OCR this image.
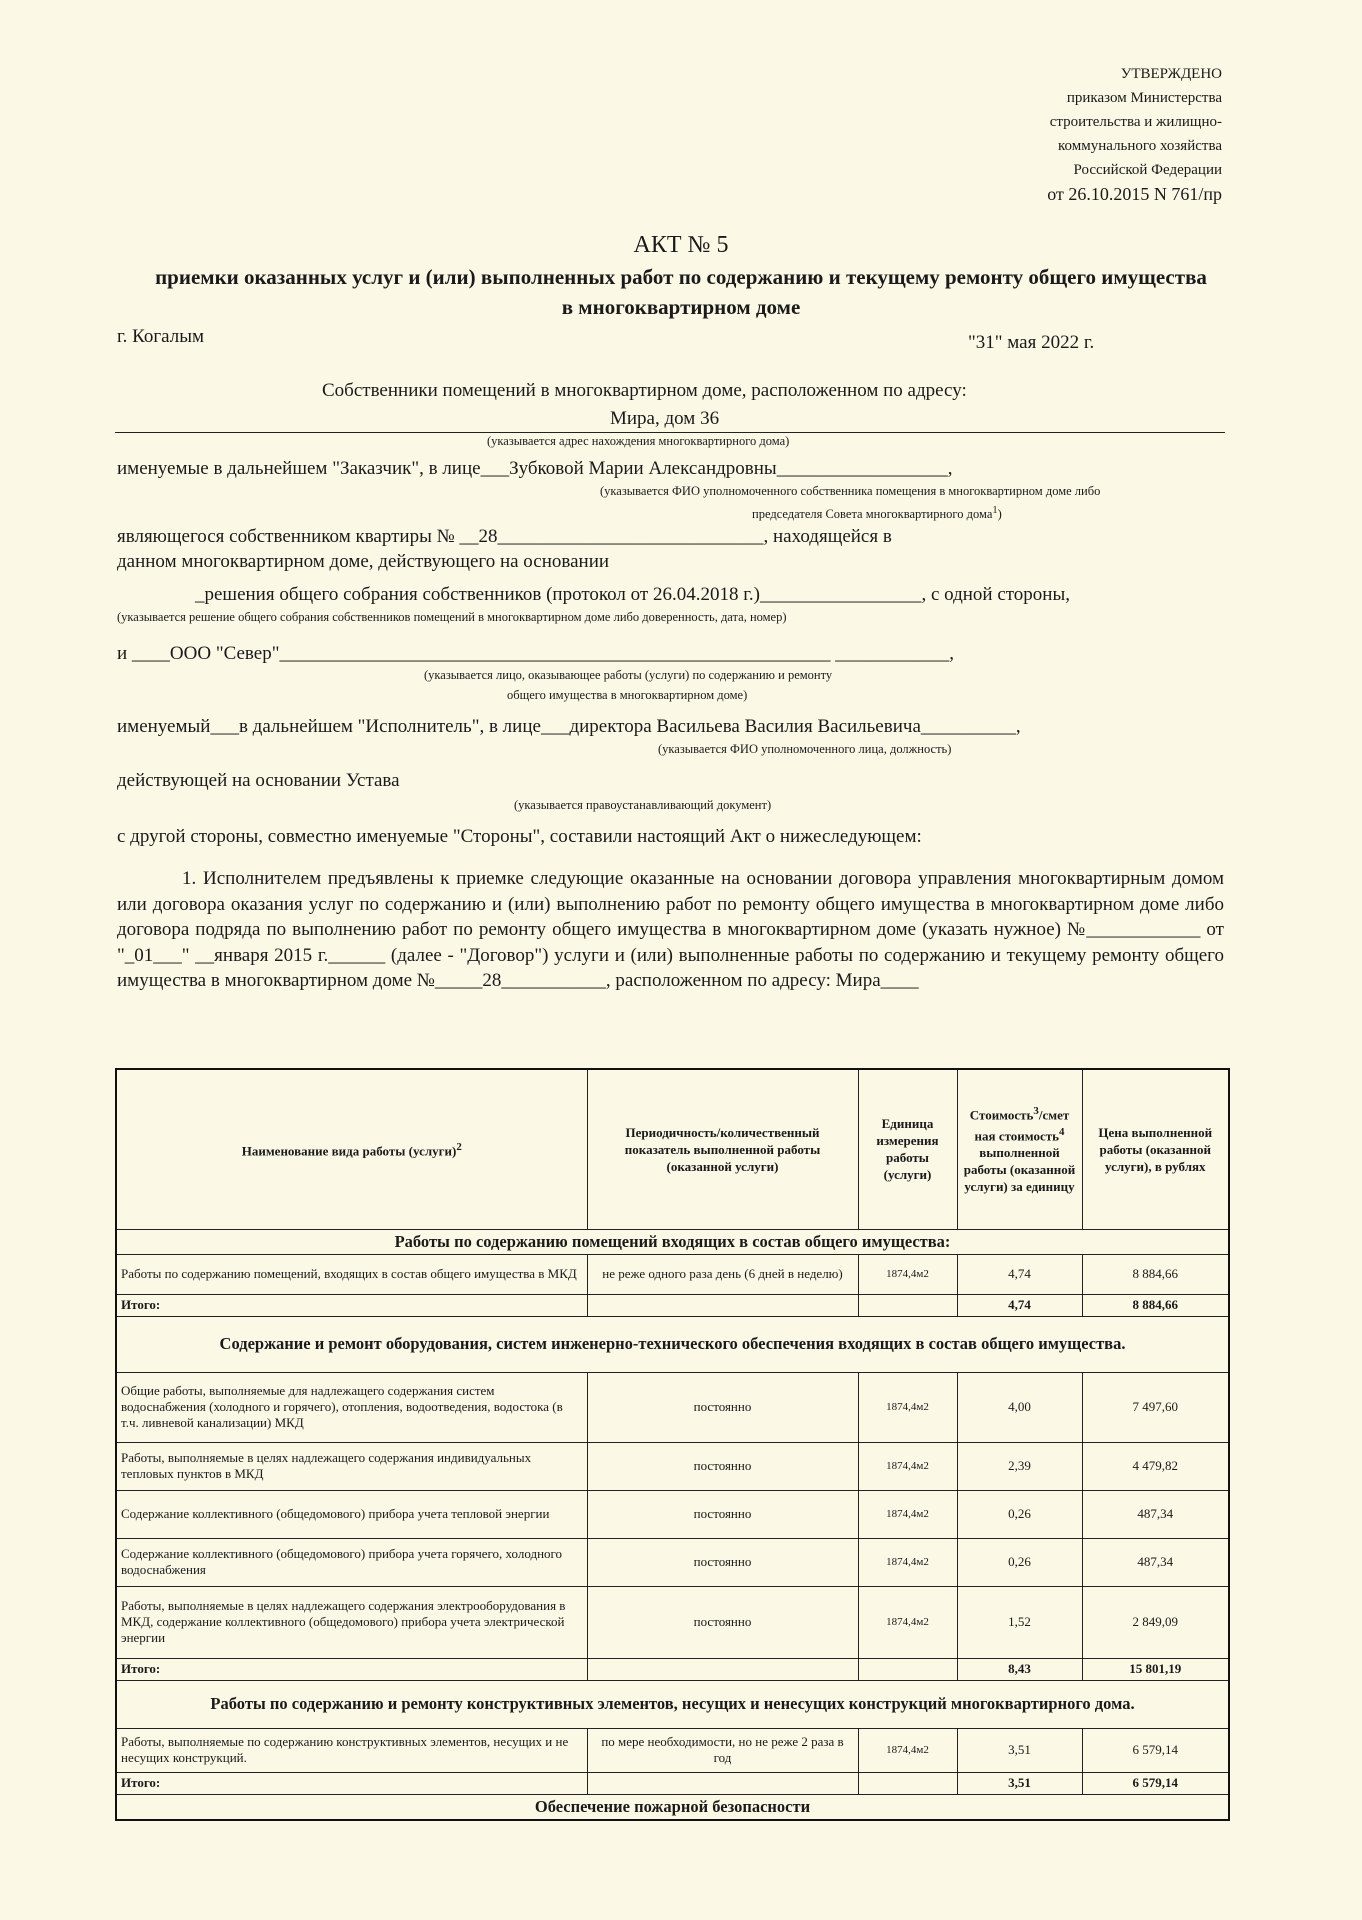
УТВЕРЖДЕНО
приказом Министерства
строительства и жилищно-
коммунального хозяйства
Российской Федерации
от 26.10.2015 N 761/пр
АКТ № 5
приемки оказанных услуг и (или) выполненных работ по содержанию и текущему ремонту общего имущества
в многоквартирном доме
г. Когалым	"31" мая 2022 г.
Собственники помещений в многоквартирном доме, расположенном по адресу:
Мира, дом 36
(указывается адрес нахождения многоквартирного дома)
именуемые в дальнейшем "Заказчик", в лице___Зубковой Марии Александровны__________________,
(указывается ФИО уполномоченного собственника помещения в многоквартирном доме либо
председателя Совета многоквартирного дома$^1$)
являющегося собственником квартиры № __28____________________________, находящейся в
данном многоквартирном доме, действующего на основании
_решения общего собрания собственников (протокол от 26.04.2018 г.)_________________, с одной стороны,
(указывается решение общего собрания собственников помещений в многоквартирном доме либо доверенность, дата, номер)
и ____ООО "Север"__________________________________________________________ ____________,
(указывается лицо, оказывающее работы (услуги) по содержанию и ремонту
общего имущества в многоквартирном доме)
именуемый___в дальнейшем "Исполнитель", в лице___директора Васильева Василия Васильевича__________,
(указывается ФИО уполномоченного лица, должность)
действующей на основании Устава
(указывается правоустанавливающий документ)
с другой стороны, совместно именуемые "Стороны", составили настоящий Акт о нижеследующем:
1. Исполнителем предъявлены к приемке следующие оказанные на основании договора управления многоквартирным домом или договора оказания услуг по содержанию и (или) выполнению работ по ремонту общего имущества в многоквартирном доме либо договора подряда по выполнению работ по ремонту общего имущества в многоквартирном доме (указать нужное) №____________ от "_01___" __января 2015 г.______ (далее - "Договор") услуги и (или) выполненные работы по содержанию и текущему ремонту общего имущества в многоквартирном доме №_____28___________, расположенном по адресу: Мира____
Наименование вида работы (услуги)$^2$	Периодичность/количественный показатель выполненной работы (оказанной услуги)	Единица измерения работы (услуги)	Стоимость$^3$/смет ная стоимость$^4$ выполненной работы (оказанной услуги) за единицу	Цена выполненной работы (оказанной услуги), в рублях
Работы по содержанию помещений входящих в состав общего имущества:				
Работы по содержанию помещений, входящих в состав общего имущества в МКД	не реже одного раза день (6 дней в неделю)	1874,4м2	4,74	8 884,66
Итого:			4,74	8 884,66
Содержание и ремонт оборудования, систем инженерно-технического обеспечения входящих в состав общего имущества.				
Общие работы, выполняемые для надлежащего содержания систем водоснабжения (холодного и горячего), отопления, водоотведения, водостока (в т.ч. ливневой канализации) МКД	постоянно	1874,4м2	4,00	7 497,60
Работы, выполняемые в целях надлежащего содержания индивидуальных тепловых пунктов в МКД	постоянно	1874,4м2	2,39	4 479,82
Содержание коллективного (общедомового) прибора учета тепловой энергии	постоянно	1874,4м2	0,26	487,34
Содержание коллективного (общедомового) прибора учета горячего, холодного водоснабжения	постоянно	1874,4м2	0,26	487,34
Работы, выполняемые в целях надлежащего содержания электрооборудования в МКД, содержание коллективного (общедомового) прибора учета электрической энергии	постоянно	1874,4м2	1,52	2 849,09
Итого:			8,43	15 801,19
Работы по содержанию и ремонту конструктивных элементов, несущих и ненесущих конструкций многоквартирного дома.				
Работы, выполняемые по содержанию конструктивных элементов, несущих и не несущих конструкций.	по мере необходимости, но не реже 2 раза в год	1874,4м2	3,51	6 579,14
Итого:			3,51	6 579,14
Обеспечение пожарной безопасности				
